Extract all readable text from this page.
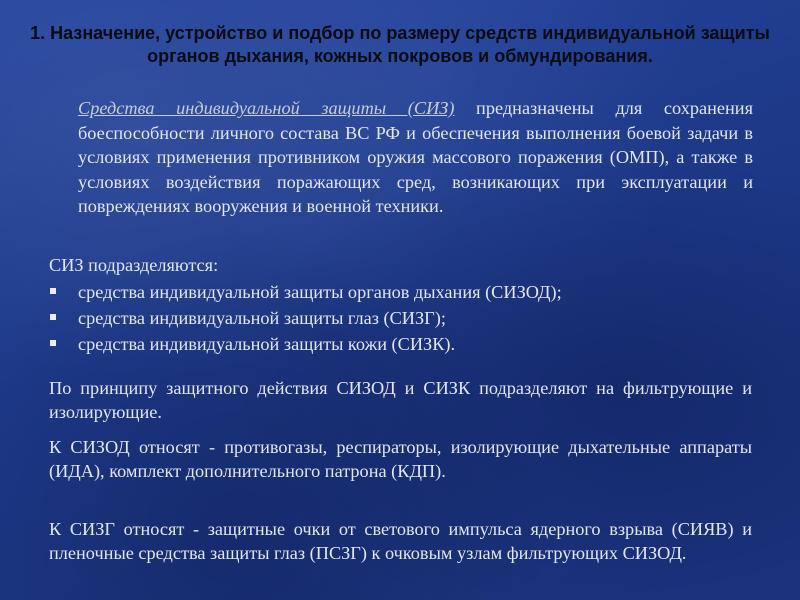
1. Назначение, устройство и подбор по размеру средств индивидуальной защиты органов дыхания, кожных покровов и обмундирования.

Средства индивидуальной защиты (СИЗ) предназначены для сохранения боеспособности личного состава ВС РФ и обеспечения выполнения боевой задачи в условиях применения противником оружия массового поражения (ОМП), а также в условиях воздействия поражающих сред, возникающих при эксплуатации и повреждениях вооружения и военной техники.

СИЗ подразделяются:

средства индивидуальной защиты органов дыхания (СИЗОД);
средства индивидуальной защиты глаз (СИЗГ);
средства индивидуальной защиты кожи (СИЗК).

По принципу защитного действия СИЗОД и СИЗК подразделяют на фильтрующие и изолирующие.

К СИЗОД относят - противогазы, респираторы, изолирующие дыхательные аппараты (ИДА), комплект дополнительного патрона (КДП).

К СИЗГ относят - защитные очки от светового импульса ядерного взрыва (СИЯВ) и пленочные средства защиты глаз (ПСЗГ) к очковым узлам фильтрующих СИЗОД.
